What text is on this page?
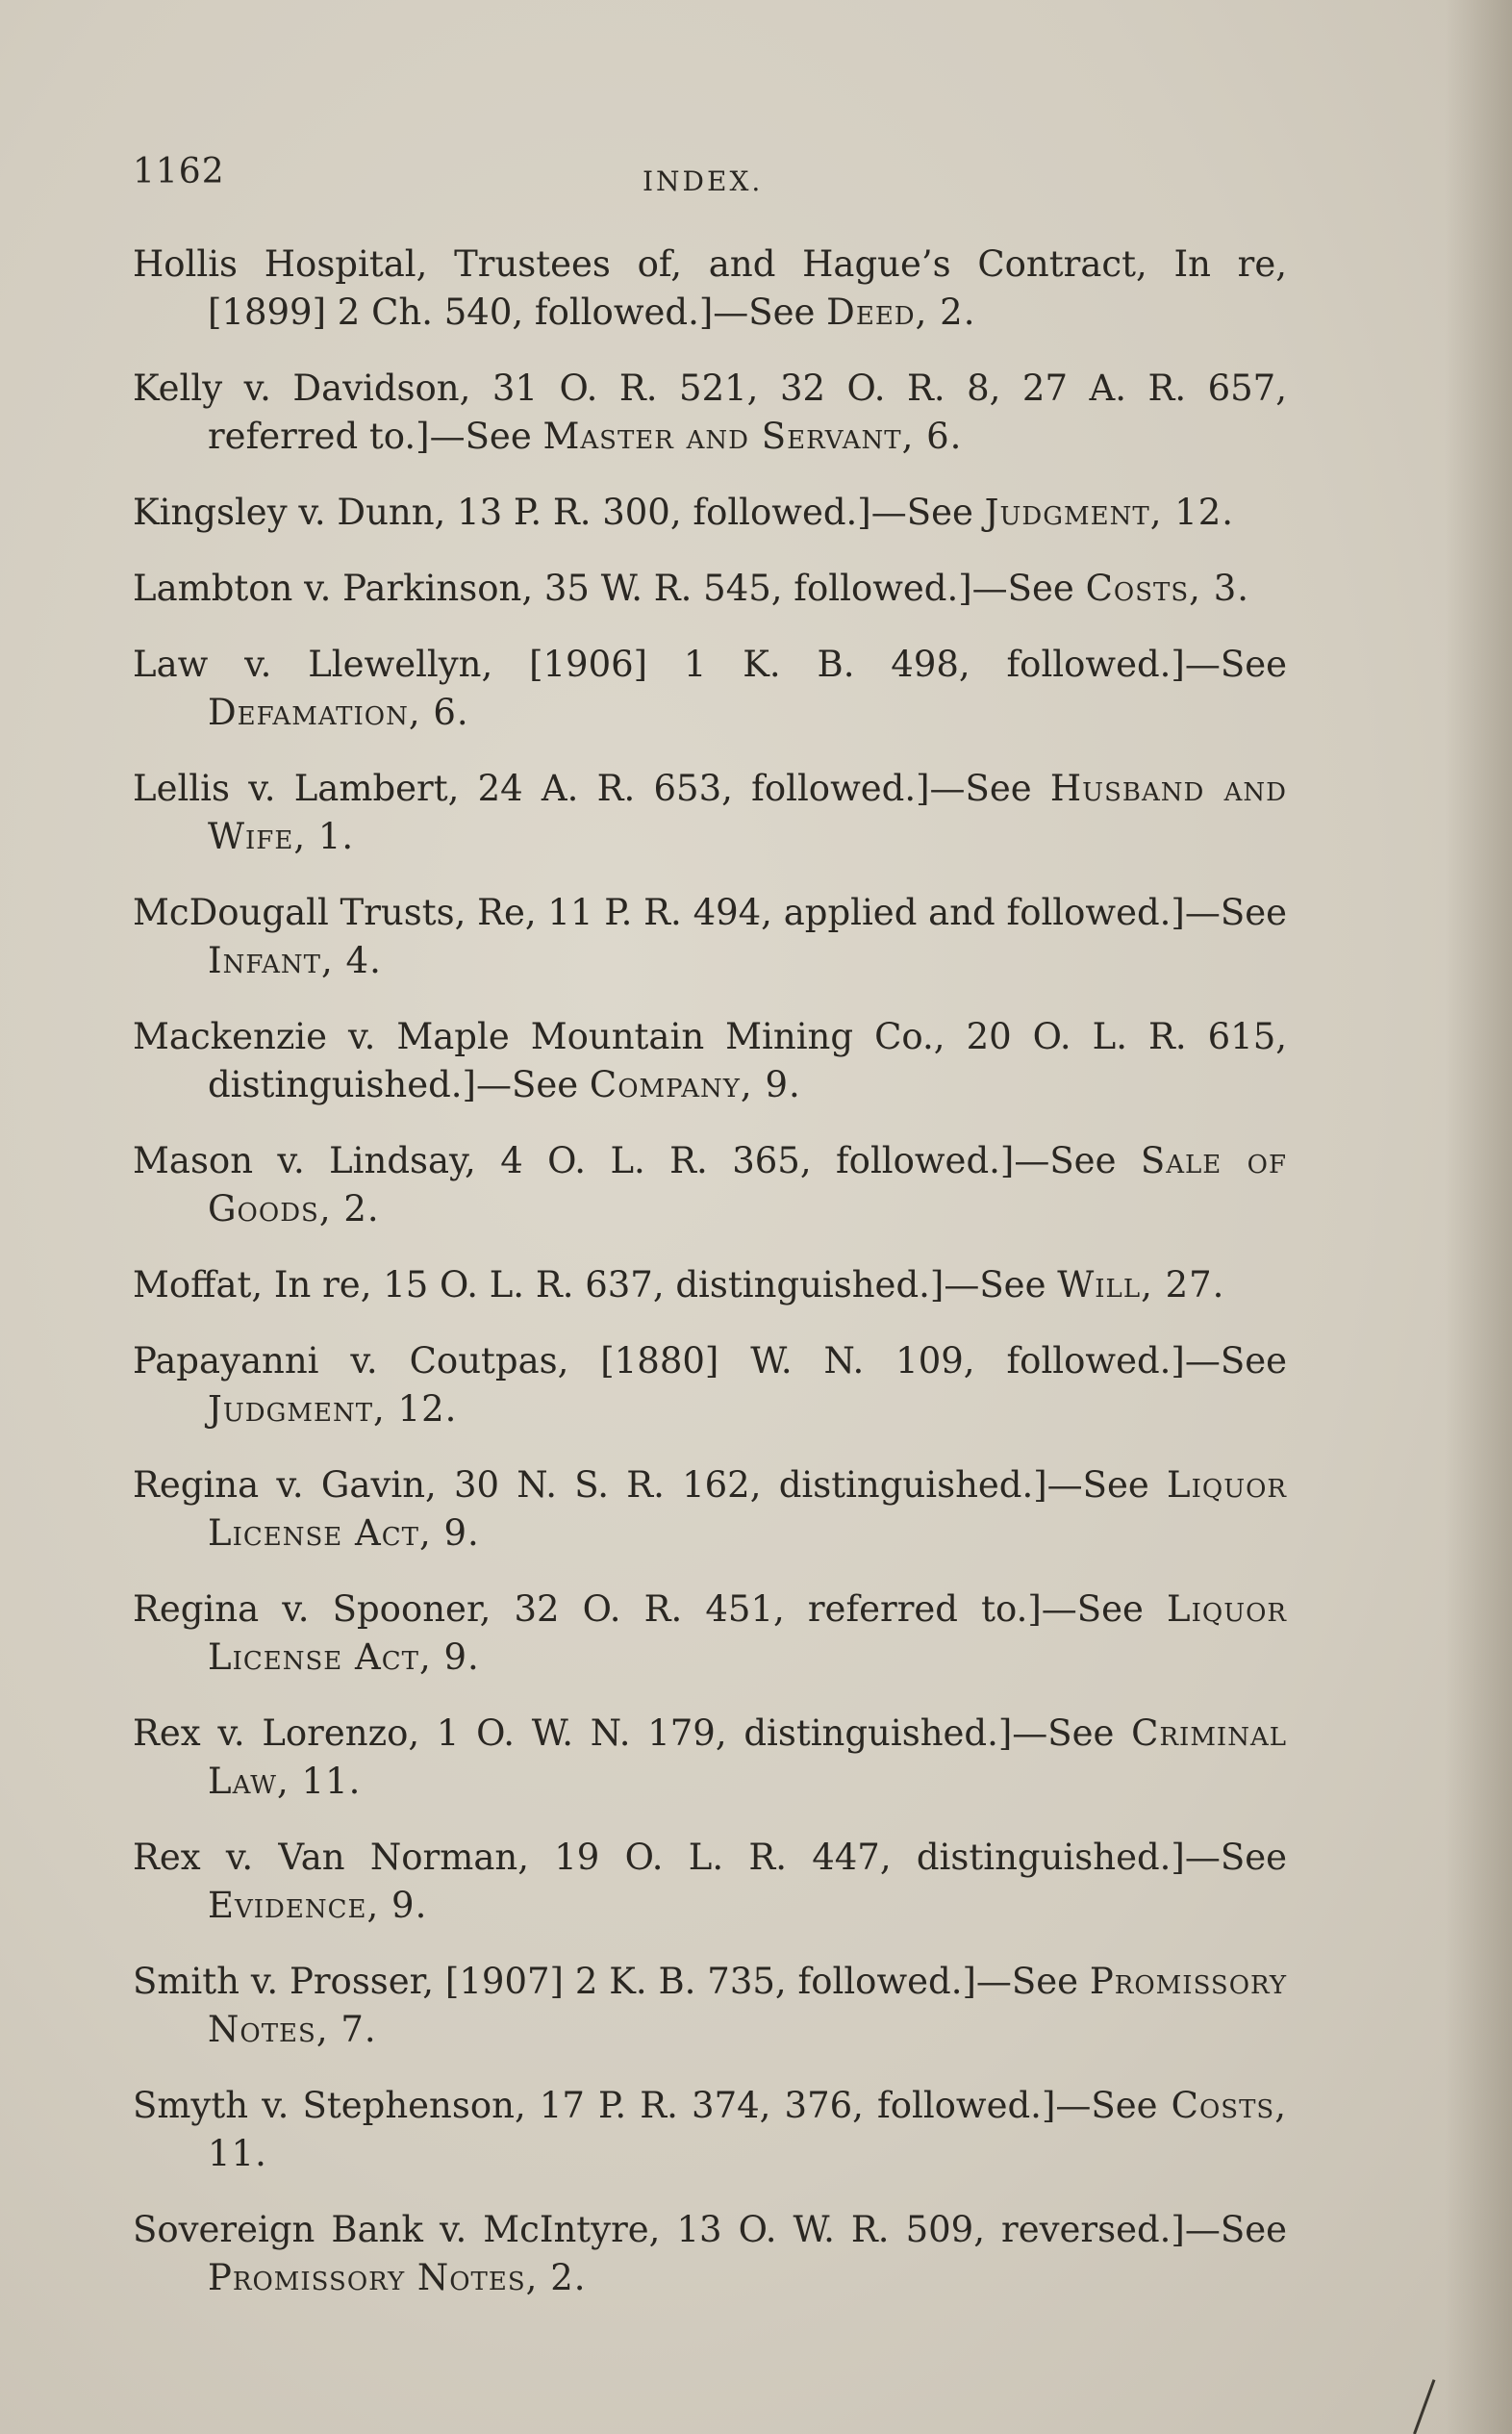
1162	INDEX.
Hollis Hospital, Trustees of, and Hague’s Contract, In re, [1899] 2 Ch. 540, followed.]—See Deed, 2.
Kelly v. Davidson, 31 O. R. 521, 32 O. R. 8, 27 A. R. 657, referred to.]—See Master and Servant, 6.
Kingsley v. Dunn, 13 P. R. 300, followed.]—See Judgment, 12.
Lambton v. Parkinson, 35 W. R. 545, followed.]—See Costs, 3.
Law v. Llewellyn, [1906] 1 K. B. 498, followed.]—See Defamation, 6.
Lellis v. Lambert, 24 A. R. 653, followed.]—See Husband and Wife, 1.
McDougall Trusts, Re, 11 P. R. 494, applied and followed.]—See Infant, 4.
Mackenzie v. Maple Mountain Mining Co., 20 O. L. R. 615, distinguished.]—See Company, 9.
Mason v. Lindsay, 4 O. L. R. 365, followed.]—See Sale of Goods, 2.
Moffat, In re, 15 O. L. R. 637, distinguished.]—See Will, 27.
Papayanni v. Coutpas, [1880] W. N. 109, followed.]—See Judgment, 12.
Regina v. Gavin, 30 N. S. R. 162, distinguished.]—See Liquor License Act, 9.
Regina v. Spooner, 32 O. R. 451, referred to.]—See Liquor License Act, 9.
Rex v. Lorenzo, 1 O. W. N. 179, distinguished.]—See Criminal Law, 11.
Rex v. Van Norman, 19 O. L. R. 447, distinguished.]—See Evidence, 9.
Smith v. Prosser, [1907] 2 K. B. 735, followed.]—See Promissory Notes, 7.
Smyth v. Stephenson, 17 P. R. 374, 376, followed.]—See Costs, 11.
Sovereign Bank v. McIntyre, 13 O. W. R. 509, reversed.]—See Promissory Notes, 2.
